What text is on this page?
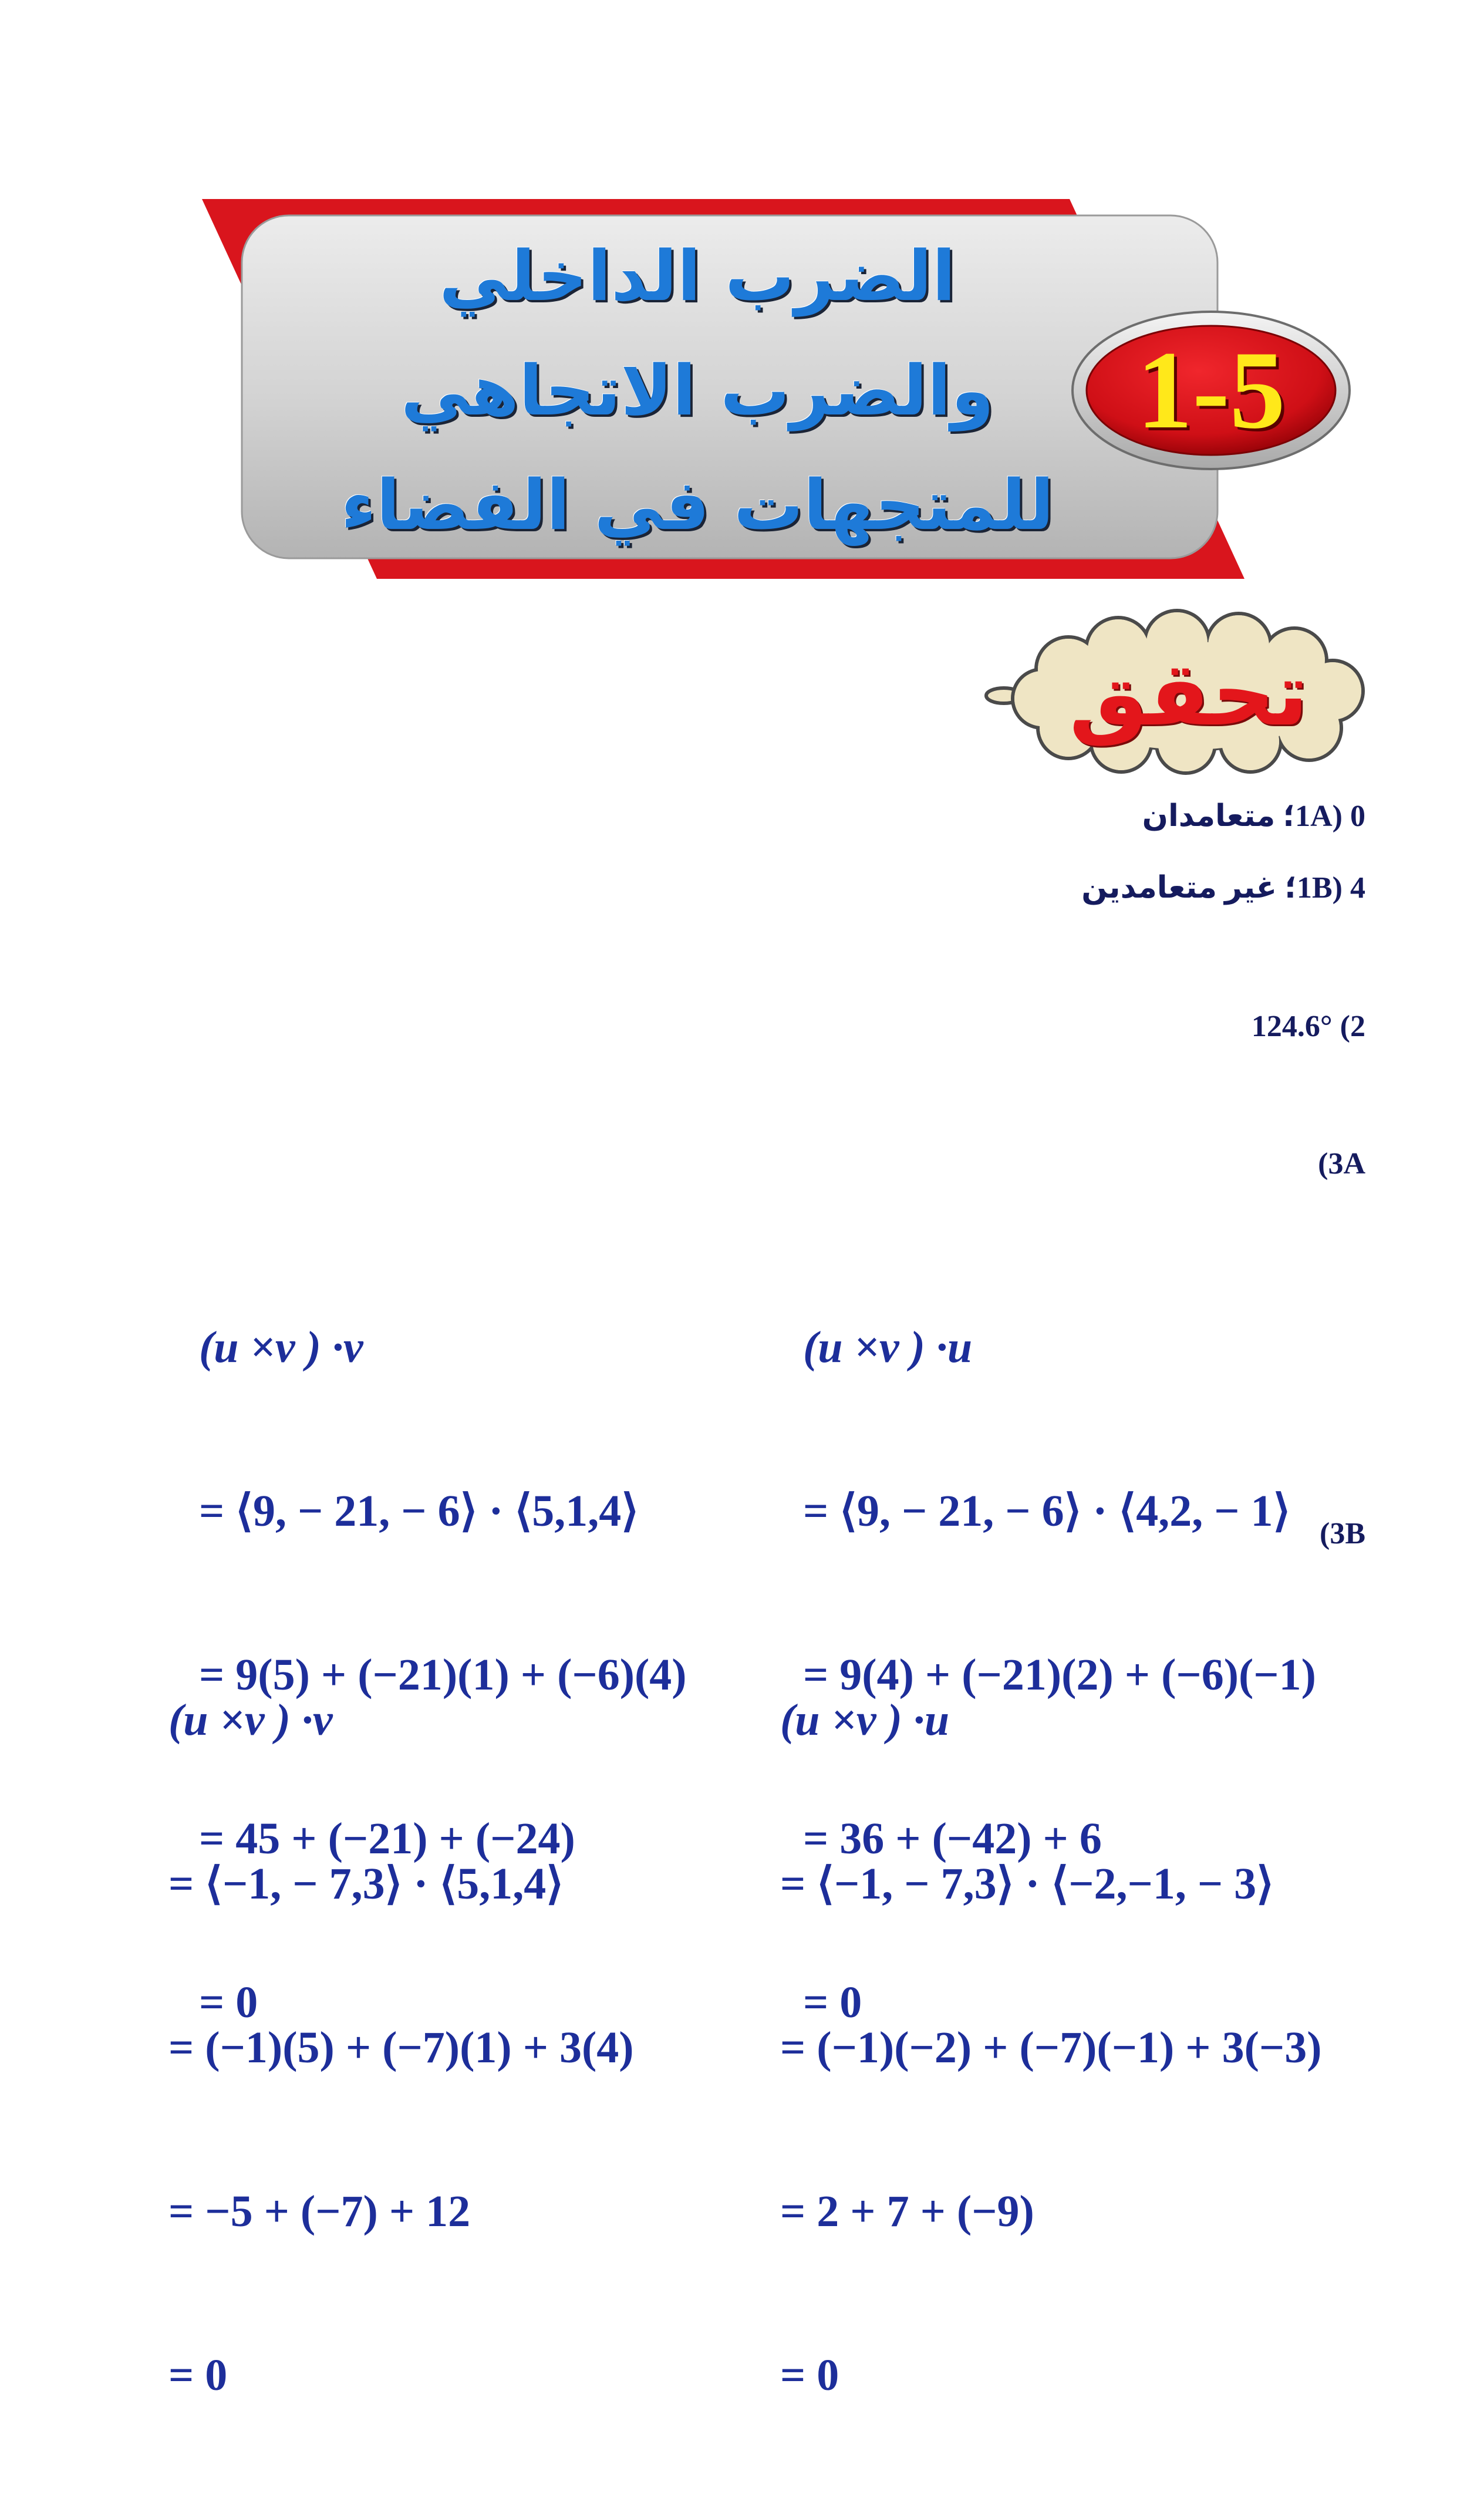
الضرب الداخلي
والضرب الاتجاهي
للمتجهات في الفضاء
1-5
تحقق
1A) 0؛ متعامدان
1B) 4؛ غير متعامدين
124.6° (2
(3A
(3B

(u ×v ) ·v

= ⟨9, − 21, − 6⟩ · ⟨5,1,4⟩

= 9(5) + (−21)(1) + (−6)(4)

= 45 + (−21) + (−24)

= 0

(u ×v ) ·u

= ⟨9, − 21, − 6⟩ · ⟨4,2, − 1⟩

= 9(4) + (−21)(2) + (−6)(−1)

= 36 + (−42) + 6

= 0

(u ×v ) ·v

= ⟨−1, − 7,3⟩ · ⟨5,1,4⟩

= (−1)(5) + (−7)(1) + 3(4)

= −5 + (−7) + 12

= 0

(u ×v ) ·u

= ⟨−1, − 7,3⟩ · ⟨−2,−1, − 3⟩

= (−1)(−2) + (−7)(−1) + 3(−3)

= 2 + 7 + (−9)

= 0
